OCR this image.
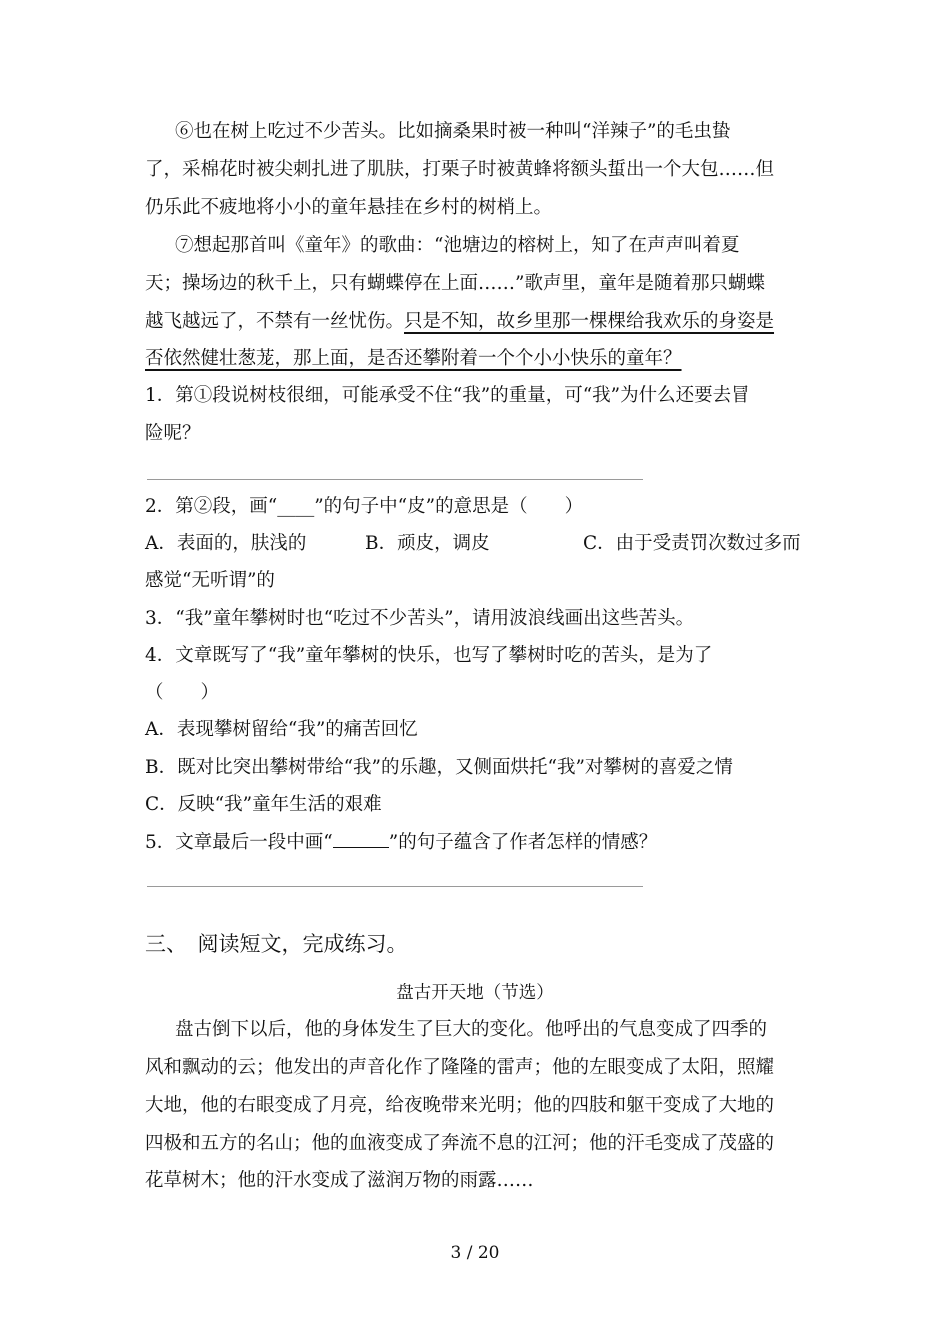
⑥也在树上吃过不少苦头。比如摘桑果时被一种叫“洋辣子”的毛虫蛰
了，采棉花时被尖刺扎进了肌肤，打栗子时被黄蜂将额头蜇出一个大包……但
仍乐此不疲地将小小的童年悬挂在乡村的树梢上。
⑦想起那首叫《童年》的歌曲：“池塘边的榕树上，知了在声声叫着夏
天；操场边的秋千上，只有蝴蝶停在上面……”歌声里，童年是随着那只蝴蝶
越飞越远了，不禁有一丝忧伤。只是不知，故乡里那一棵棵给我欢乐的身姿是
否依然健壮葱茏，那上面，是否还攀附着一个个小小快乐的童年？
1．第①段说树枝很细，可能承受不住“我”的重量，可“我”为什么还要去冒
险呢？
2．第②段，画“____”的句子中“皮”的意思是（　　）
A．表面的，肤浅的	B．顽皮，调皮	C．由于受责罚次数过多而
感觉“无听谓”的
3．“我”童年攀树时也“吃过不少苦头”，请用波浪线画出这些苦头。
4．文章既写了“我”童年攀树的快乐，也写了攀树时吃的苦头，是为了
（　　）
A．表现攀树留给“我”的痛苦回忆
B．既对比突出攀树带给“我”的乐趣，又侧面烘托“我”对攀树的喜爱之情
C．反映“我”童年生活的艰难
5．文章最后一段中画“	”的句子蕴含了作者怎样的情感？
三、　阅读短文，完成练习。
盘古开天地（节选）
盘古倒下以后，他的身体发生了巨大的变化。他呼出的气息变成了四季的
风和飘动的云；他发出的声音化作了隆隆的雷声；他的左眼变成了太阳，照耀
大地，他的右眼变成了月亮，给夜晚带来光明；他的四肢和躯干变成了大地的
四极和五方的名山；他的血液变成了奔流不息的江河；他的汗毛变成了茂盛的
花草树木；他的汗水变成了滋润万物的雨露……
3 / 20
